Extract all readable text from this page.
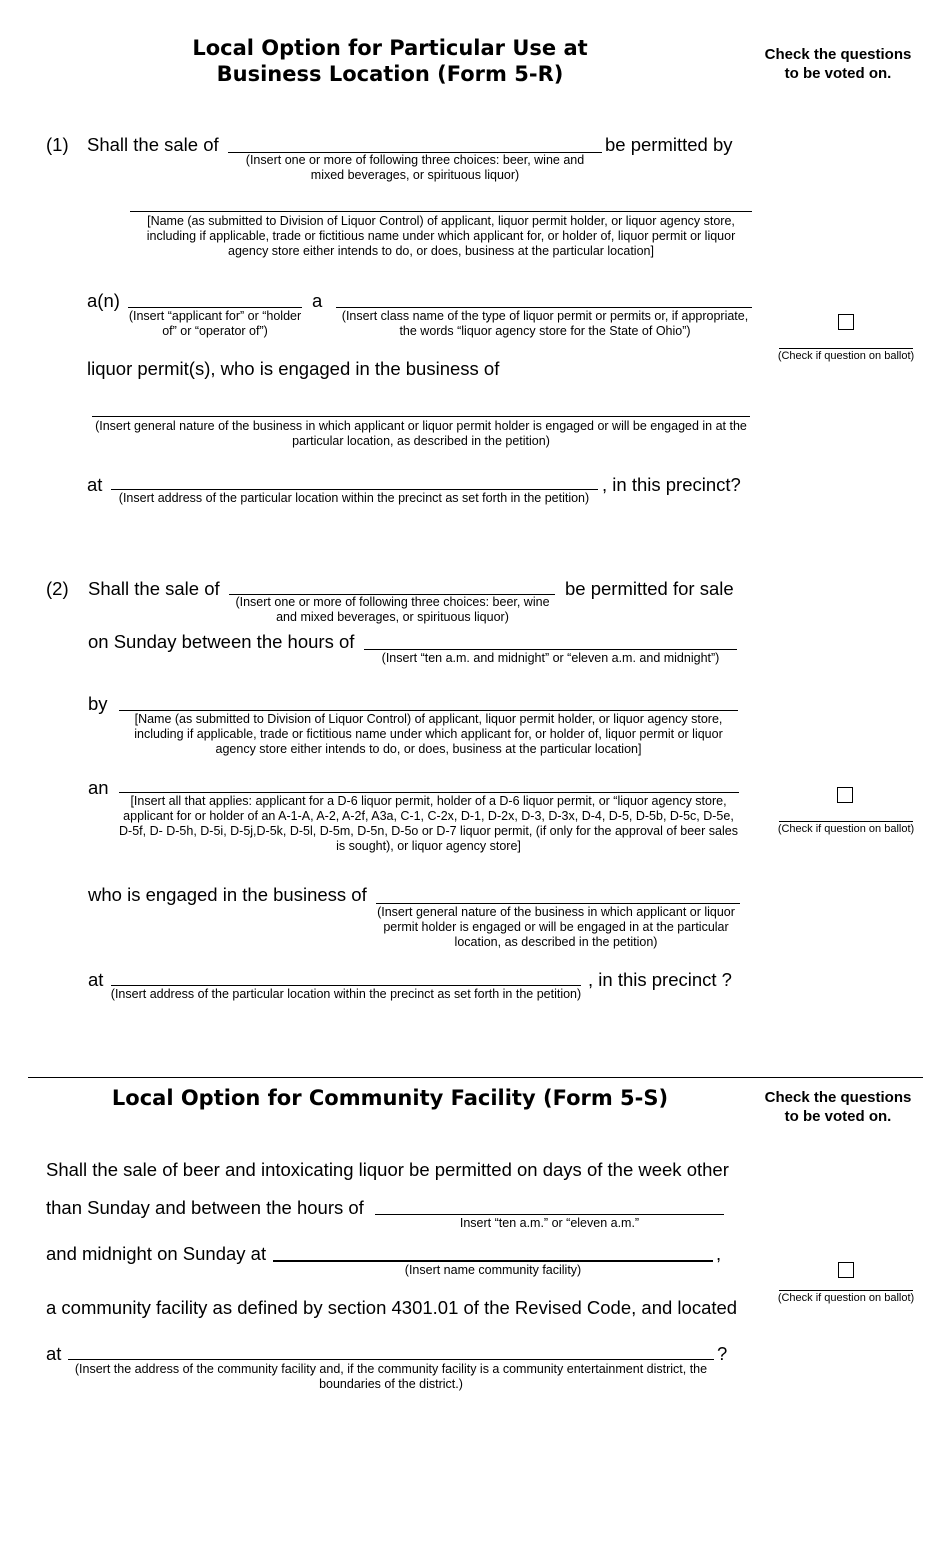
Local Option for Particular Use at
Business Location (Form 5-R)
Check the questions
to be voted on.
(1) Shall the sale of	be permitted by
(Insert one or more of following three choices: beer, wine and
mixed beverages, or spirituous liquor)
[Name (as submitted to Division of Liquor Control) of applicant, liquor permit holder, or liquor agency store,
including if applicable, trade or fictitious name under which applicant for, or holder of, liquor permit or liquor
agency store either intends to do, or does, business at the particular location]
a(n)	a
(Insert “applicant for” or “holder
of” or “operator of”)
(Insert class name of the type of liquor permit or permits or, if appropriate,
the words “liquor agency store for the State of Ohio”)
(Check if question on ballot)
liquor permit(s), who is engaged in the business of
(Insert general nature of the business in which applicant or liquor permit holder is engaged or will be engaged in at the
particular location, as described in the petition)
at	, in this precinct?
(Insert address of the particular location within the precinct as set forth in the petition)
(2) Shall the sale of	be permitted for sale
(Insert one or more of following three choices: beer, wine
and mixed beverages, or spirituous liquor)
on Sunday between the hours of
(Insert “ten a.m. and midnight” or “eleven a.m. and midnight”)
by
[Name (as submitted to Division of Liquor Control) of applicant, liquor permit holder, or liquor agency store,
including if applicable, trade or fictitious name under which applicant for, or holder of, liquor permit or liquor
agency store either intends to do, or does, business at the particular location]
an
[Insert all that applies: applicant for a D-6 liquor permit, holder of a D-6 liquor permit, or “liquor agency store,
applicant for or holder of an A-1-A, A-2, A-2f, A3a, C-1, C-2x, D-1, D-2x, D-3, D-3x, D-4, D-5, D-5b, D-5c, D-5e,
D-5f, D- D-5h, D-5i, D-5j,D-5k, D-5l, D-5m, D-5n, D-5o or D-7 liquor permit, (if only for the approval of beer sales
is sought), or liquor agency store]
(Check if question on ballot)
who is engaged in the business of
(Insert general nature of the business in which applicant or liquor
permit holder is engaged or will be engaged in at the particular
location, as described in the petition)
at	, in this precinct ?
(Insert address of the particular location within the precinct as set forth in the petition)
Local Option for Community Facility (Form 5-S)	Check the questions
to be voted on.
Shall the sale of beer and intoxicating liquor be permitted on days of the week other
than Sunday and between the hours of
Insert “ten a.m.” or “eleven a.m.”
and midnight on Sunday at	,
(Insert name community facility)
(Check if question on ballot)
a community facility as defined by section 4301.01 of the Revised Code, and located
at	?
(Insert the address of the community facility and, if the community facility is a community entertainment district, the
boundaries of the district.)
